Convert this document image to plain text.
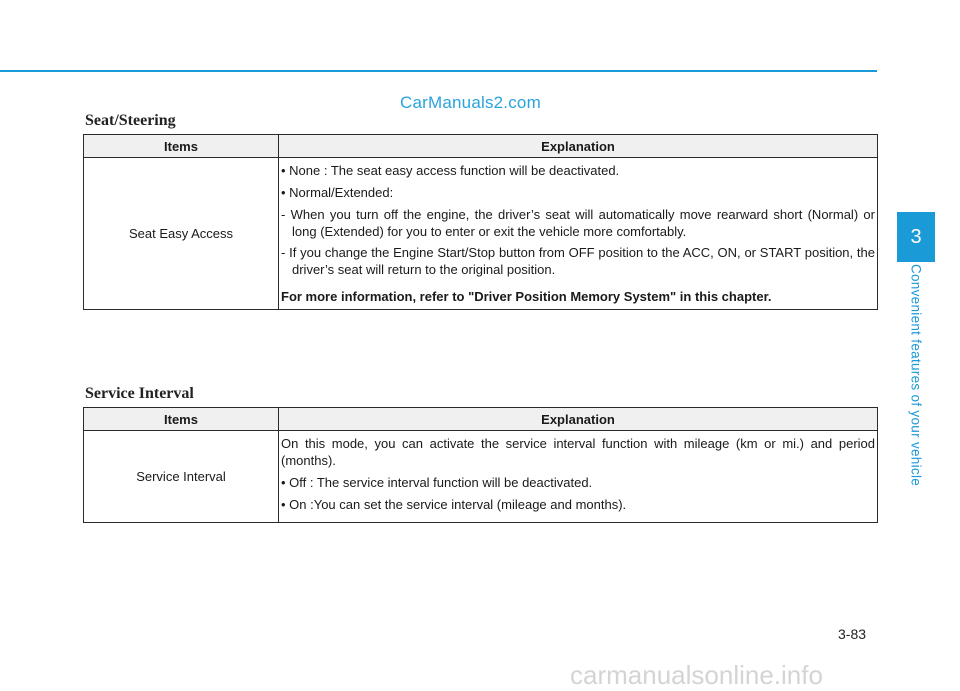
CarManuals2.com
Seat/Steering
Items	Explanation
Seat Easy Access	• None : The seat easy access function will be deactivated.
• Normal/Extended:
- When you turn off the engine, the driver’s seat will automatically move rearward short (Normal) or long (Extended) for you to enter or exit the vehicle more comfortably.
- If you change the Engine Start/Stop button from OFF position to the ACC, ON, or START position, the driver’s seat will return to the original position.
For more information, refer to "Driver Position Memory System" in this chapter.
Service Interval
Items	Explanation
Service Interval	On this mode, you can activate the service interval function with mileage (km or mi.) and period (months).
• Off : The service interval function will be deactivated.
• On :You can set the service interval (mileage and months).
3
Convenient features of your vehicle
3-83
carmanualsonline.info
